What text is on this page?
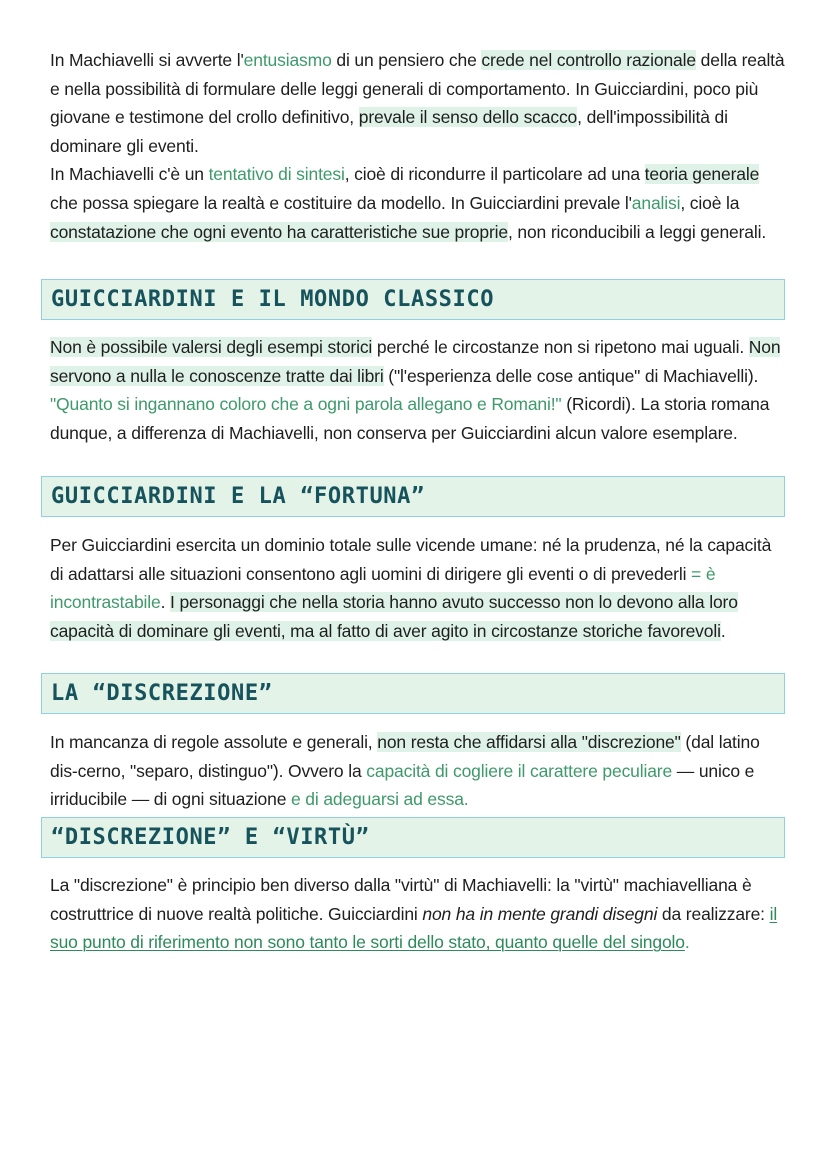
In Machiavelli si avverte l'entusiasmo di un pensiero che crede nel controllo razionale della realtà e nella possibilità di formulare delle leggi generali di comportamento. In Guicciardini, poco più giovane e testimone del crollo definitivo, prevale il senso dello scacco, dell'impossibilità di dominare gli eventi.
In Machiavelli c'è un tentativo di sintesi, cioè di ricondurre il particolare ad una teoria generale che possa spiegare la realtà e costituire da modello. In Guicciardini prevale l'analisi, cioè la constatazione che ogni evento ha caratteristiche sue proprie, non riconducibili a leggi generali.

GUICCIARDINI E IL MONDO CLASSICO

Non è possibile valersi degli esempi storici perché le circostanze non si ripetono mai uguali. Non servono a nulla le conoscenze tratte dai libri ("l'esperienza delle cose antique" di Machiavelli). "Quanto si ingannano coloro che a ogni parola allegano e Romani!" (Ricordi). La storia romana dunque, a differenza di Machiavelli, non conserva per Guicciardini alcun valore esemplare.

GUICCIARDINI E LA “FORTUNA”

Per Guicciardini esercita un dominio totale sulle vicende umane: né la prudenza, né la capacità di adattarsi alle situazioni consentono agli uomini di dirigere gli eventi o di prevederli = è incontrastabile. I personaggi che nella storia hanno avuto successo non lo devono alla loro capacità di dominare gli eventi, ma al fatto di aver agito in circostanze storiche favorevoli.

LA “DISCREZIONE”

In mancanza di regole assolute e generali, non resta che affidarsi alla "discrezione" (dal latino dis-cerno, "separo, distinguo"). Ovvero la capacità di cogliere il carattere peculiare — unico e irriducibile — di ogni situazione e di adeguarsi ad essa.

“DISCREZIONE” E “VIRTÙ”

La "discrezione" è principio ben diverso dalla "virtù" di Machiavelli: la "virtù" machiavelliana è costruttrice di nuove realtà politiche. Guicciardini non ha in mente grandi disegni da realizzare: il suo punto di riferimento non sono tanto le sorti dello stato, quanto quelle del singolo.
